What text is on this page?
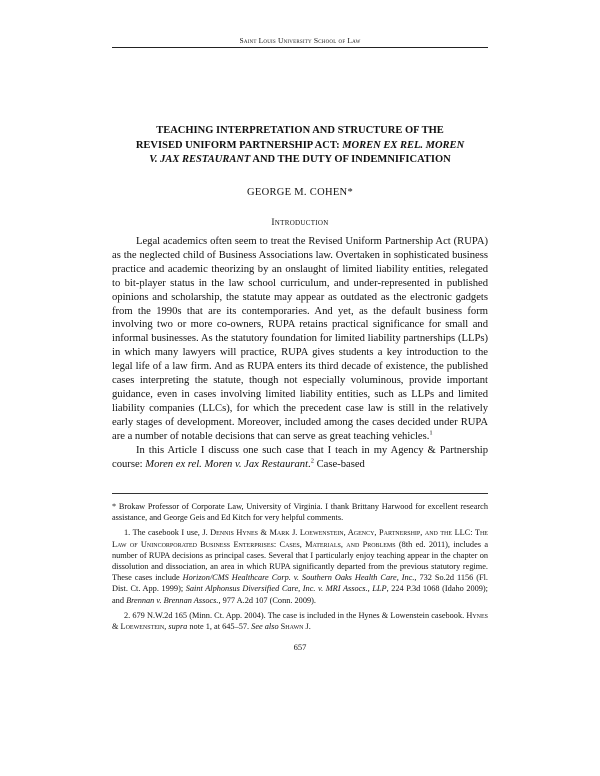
Saint Louis University School of Law
TEACHING INTERPRETATION AND STRUCTURE OF THE
REVISED UNIFORM PARTNERSHIP ACT: MOREN EX REL. MOREN
V. JAX RESTAURANT AND THE DUTY OF INDEMNIFICATION
GEORGE M. COHEN*
Introduction
Legal academics often seem to treat the Revised Uniform Partnership Act (RUPA) as the neglected child of Business Associations law. Overtaken in sophisticated business practice and academic theorizing by an onslaught of limited liability entities, relegated to bit-player status in the law school curriculum, and under-represented in published opinions and scholarship, the statute may appear as outdated as the electronic gadgets from the 1990s that are its contemporaries. And yet, as the default business form involving two or more co-owners, RUPA retains practical significance for small and informal businesses. As the statutory foundation for limited liability partnerships (LLPs) in which many lawyers will practice, RUPA gives students a key introduction to the legal life of a law firm. And as RUPA enters its third decade of existence, the published cases interpreting the statute, though not especially voluminous, provide important guidance, even in cases involving limited liability entities, such as LLPs and limited liability companies (LLCs), for which the precedent case law is still in the relatively early stages of development. Moreover, included among the cases decided under RUPA are a number of notable decisions that can serve as great teaching vehicles.$^1$
In this Article I discuss one such case that I teach in my Agency & Partnership course: Moren ex rel. Moren v. Jax Restaurant.$^2$ Case-based

* Brokaw Professor of Corporate Law, University of Virginia. I thank Brittany Harwood for excellent research assistance, and George Geis and Ed Kitch for very helpful comments.

1. The casebook I use, J. Dennis Hynes & Mark J. Loewenstein, Agency, Partnership, and the LLC: The Law of Unincorporated Business Enterprises: Cases, Materials, and Problems (8th ed. 2011), includes a number of RUPA decisions as principal cases. Several that I particularly enjoy teaching appear in the chapter on dissolution and dissociation, an area in which RUPA significantly departed from the previous statutory regime. These cases include Horizon/CMS Healthcare Corp. v. Southern Oaks Health Care, Inc., 732 So.2d 1156 (Fl. Dist. Ct. App. 1999); Saint Alphonsus Diversified Care, Inc. v. MRI Assocs., LLP, 224 P.3d 1068 (Idaho 2009); and Brennan v. Brennan Assocs., 977 A.2d 107 (Conn. 2009).

2. 679 N.W.2d 165 (Minn. Ct. App. 2004). The case is included in the Hynes & Lowenstein casebook. Hynes & Loewenstein, supra note 1, at 645–57. See also Shawn J.

657
